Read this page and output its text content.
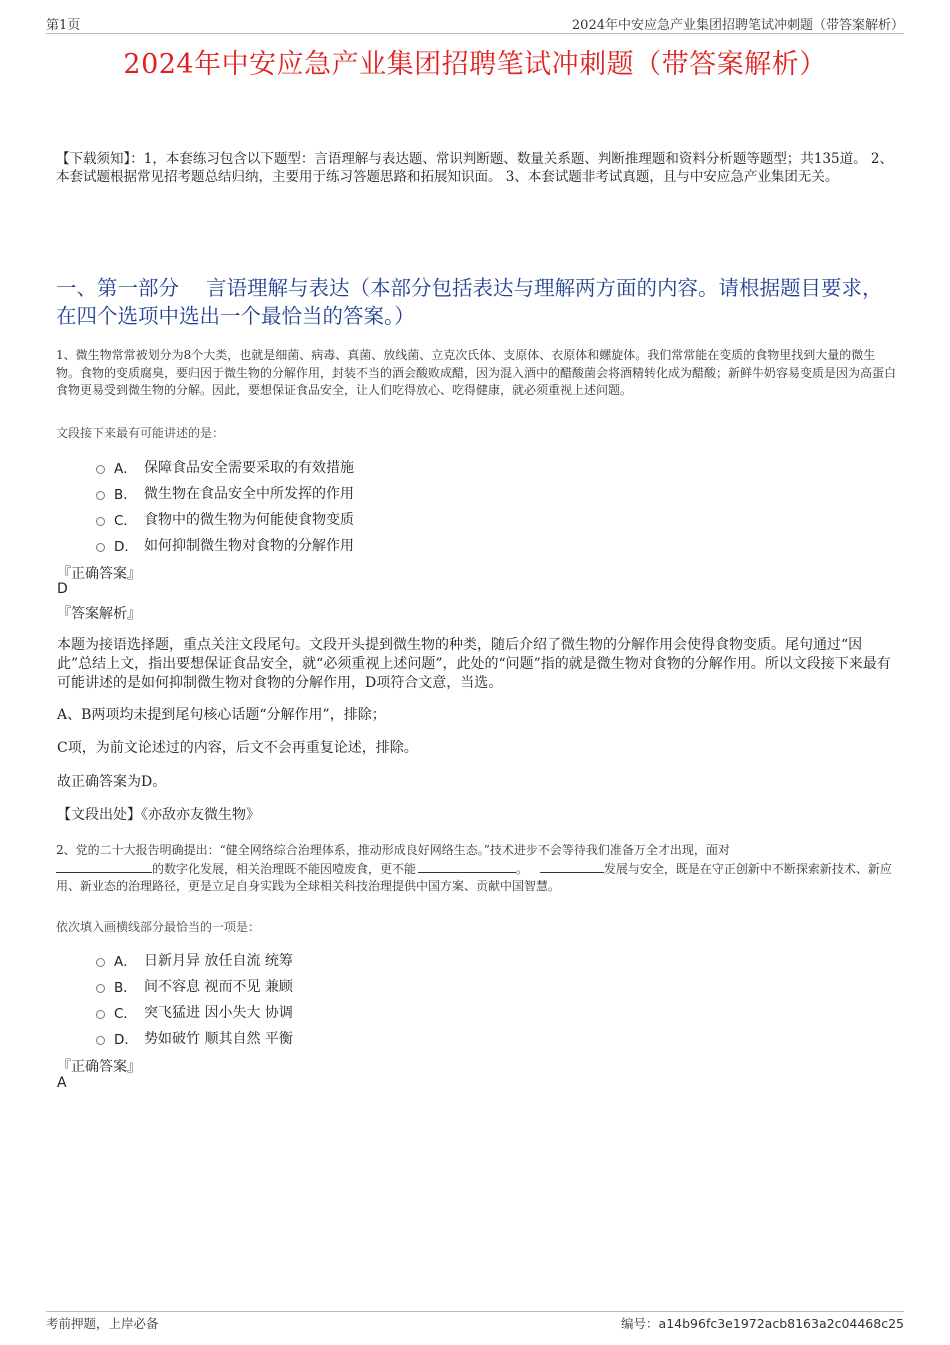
第1页	2024年中安应急产业集团招聘笔试冲刺题（带答案解析）
2024年中安应急产业集团招聘笔试冲刺题（带答案解析）
【下载须知】：1，本套练习包含以下题型：言语理解与表达题、常识判断题、数量关系题、判断推理题和资料分析题等题型；共135道。 2、本套试题根据常见招考题总结归纳，主要用于练习答题思路和拓展知识面。 3、本套试题非考试真题，且与中安应急产业集团无关。
一、第一部分　 言语理解与表达（本部分包括表达与理解两方面的内容。请根据题目要求，在四个选项中选出一个最恰当的答案。）
1、微生物常常被划分为8个大类，也就是细菌、病毒、真菌、放线菌、立克次氏体、支原体、衣原体和螺旋体。我们常常能在变质的食物里找到大量的微生物。食物的变质腐臭，要归因于微生物的分解作用，封装不当的酒会酸败成醋，因为混入酒中的醋酸菌会将酒精转化成为醋酸；新鲜牛奶容易变质是因为高蛋白食物更易受到微生物的分解。因此，要想保证食品安全，让人们吃得放心、吃得健康，就必须重视上述问题。
文段接下来最有可能讲述的是：
A． 保障食品安全需要采取的有效措施
B． 微生物在食品安全中所发挥的作用
C． 食物中的微生物为何能使食物变质
D． 如何抑制微生物对食物的分解作用
『正确答案』
D
『答案解析』
本题为接语选择题，重点关注文段尾句。文段开头提到微生物的种类，随后介绍了微生物的分解作用会使得食物变质。尾句通过“因此”总结上文，指出要想保证食品安全，就“必须重视上述问题”，此处的“问题”指的就是微生物对食物的分解作用。所以文段接下来最有可能讲述的是如何抑制微生物对食物的分解作用，D项符合文意，当选。
A、B两项均未提到尾句核心话题“分解作用”，排除；
C项，为前文论述过的内容，后文不会再重复论述，排除。
故正确答案为D。
【文段出处】《亦敌亦友微生物》
2、党的二十大报告明确提出：“健全网络综合治理体系，推动形成良好网络生态。”技术进步不会等待我们准备万全才出现，面对
的数字化发展，相关治理既不能因噎废食，更不能	。	发展与安全，既是在守正创新中不断探索新技术、新应用、新业态的治理路径，更是立足自身实践为全球相关科技治理提供中国方案、贡献中国智慧。
依次填入画横线部分最恰当的一项是：
A． 日新月异 放任自流 统筹
B． 间不容息 视而不见 兼顾
C． 突飞猛进 因小失大 协调
D． 势如破竹 顺其自然 平衡
『正确答案』
A
考前押题，上岸必备	编号：a14b96fc3e1972acb8163a2c04468c25
